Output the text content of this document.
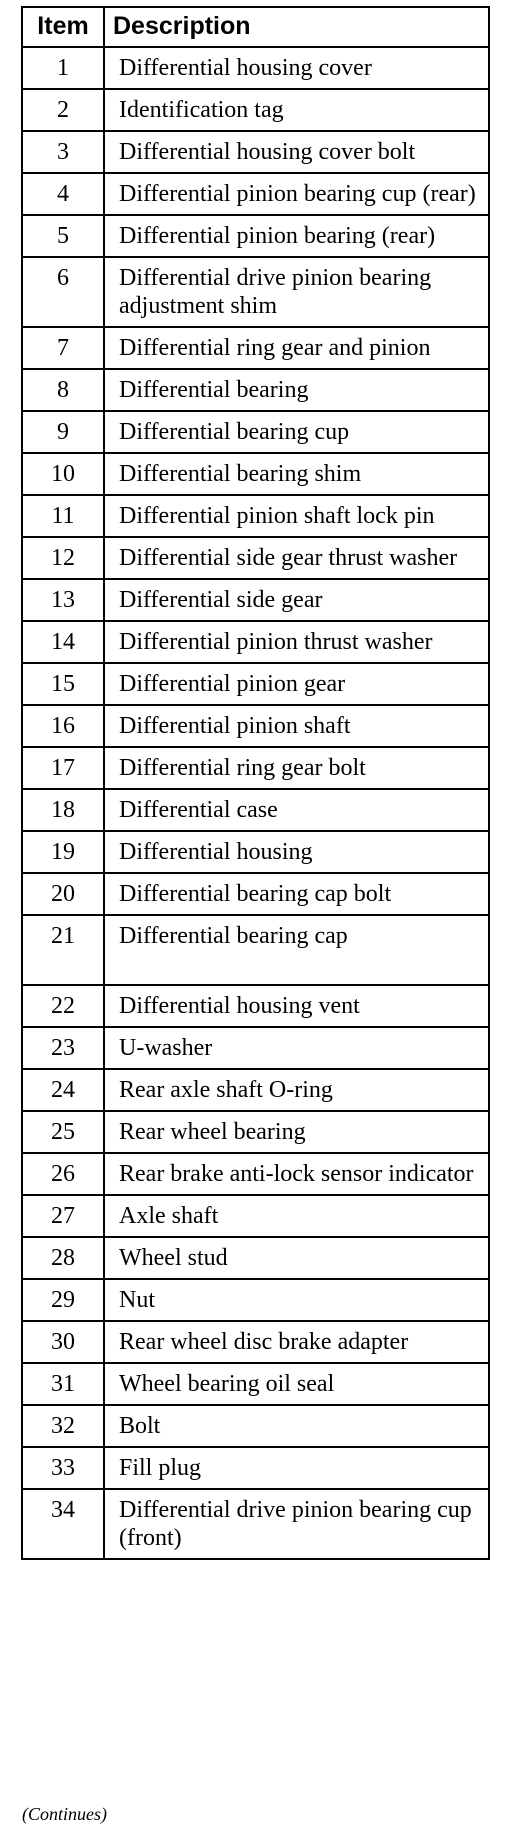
Item	Description
1	Differential housing cover
2	Identification tag
3	Differential housing cover bolt
4	Differential pinion bearing cup (rear)
5	Differential pinion bearing (rear)
6	Differential drive pinion bearing adjustment shim
7	Differential ring gear and pinion
8	Differential bearing
9	Differential bearing cup
10	Differential bearing shim
11	Differential pinion shaft lock pin
12	Differential side gear thrust washer
13	Differential side gear
14	Differential pinion thrust washer
15	Differential pinion gear
16	Differential pinion shaft
17	Differential ring gear bolt
18	Differential case
19	Differential housing
20	Differential bearing cap bolt
21	Differential bearing cap
22	Differential housing vent
23	U-washer
24	Rear axle shaft O-ring
25	Rear wheel bearing
26	Rear brake anti-lock sensor indicator
27	Axle shaft
28	Wheel stud
29	Nut
30	Rear wheel disc brake adapter
31	Wheel bearing oil seal
32	Bolt
33	Fill plug
34	Differential drive pinion bearing cup (front)
(Continues)
